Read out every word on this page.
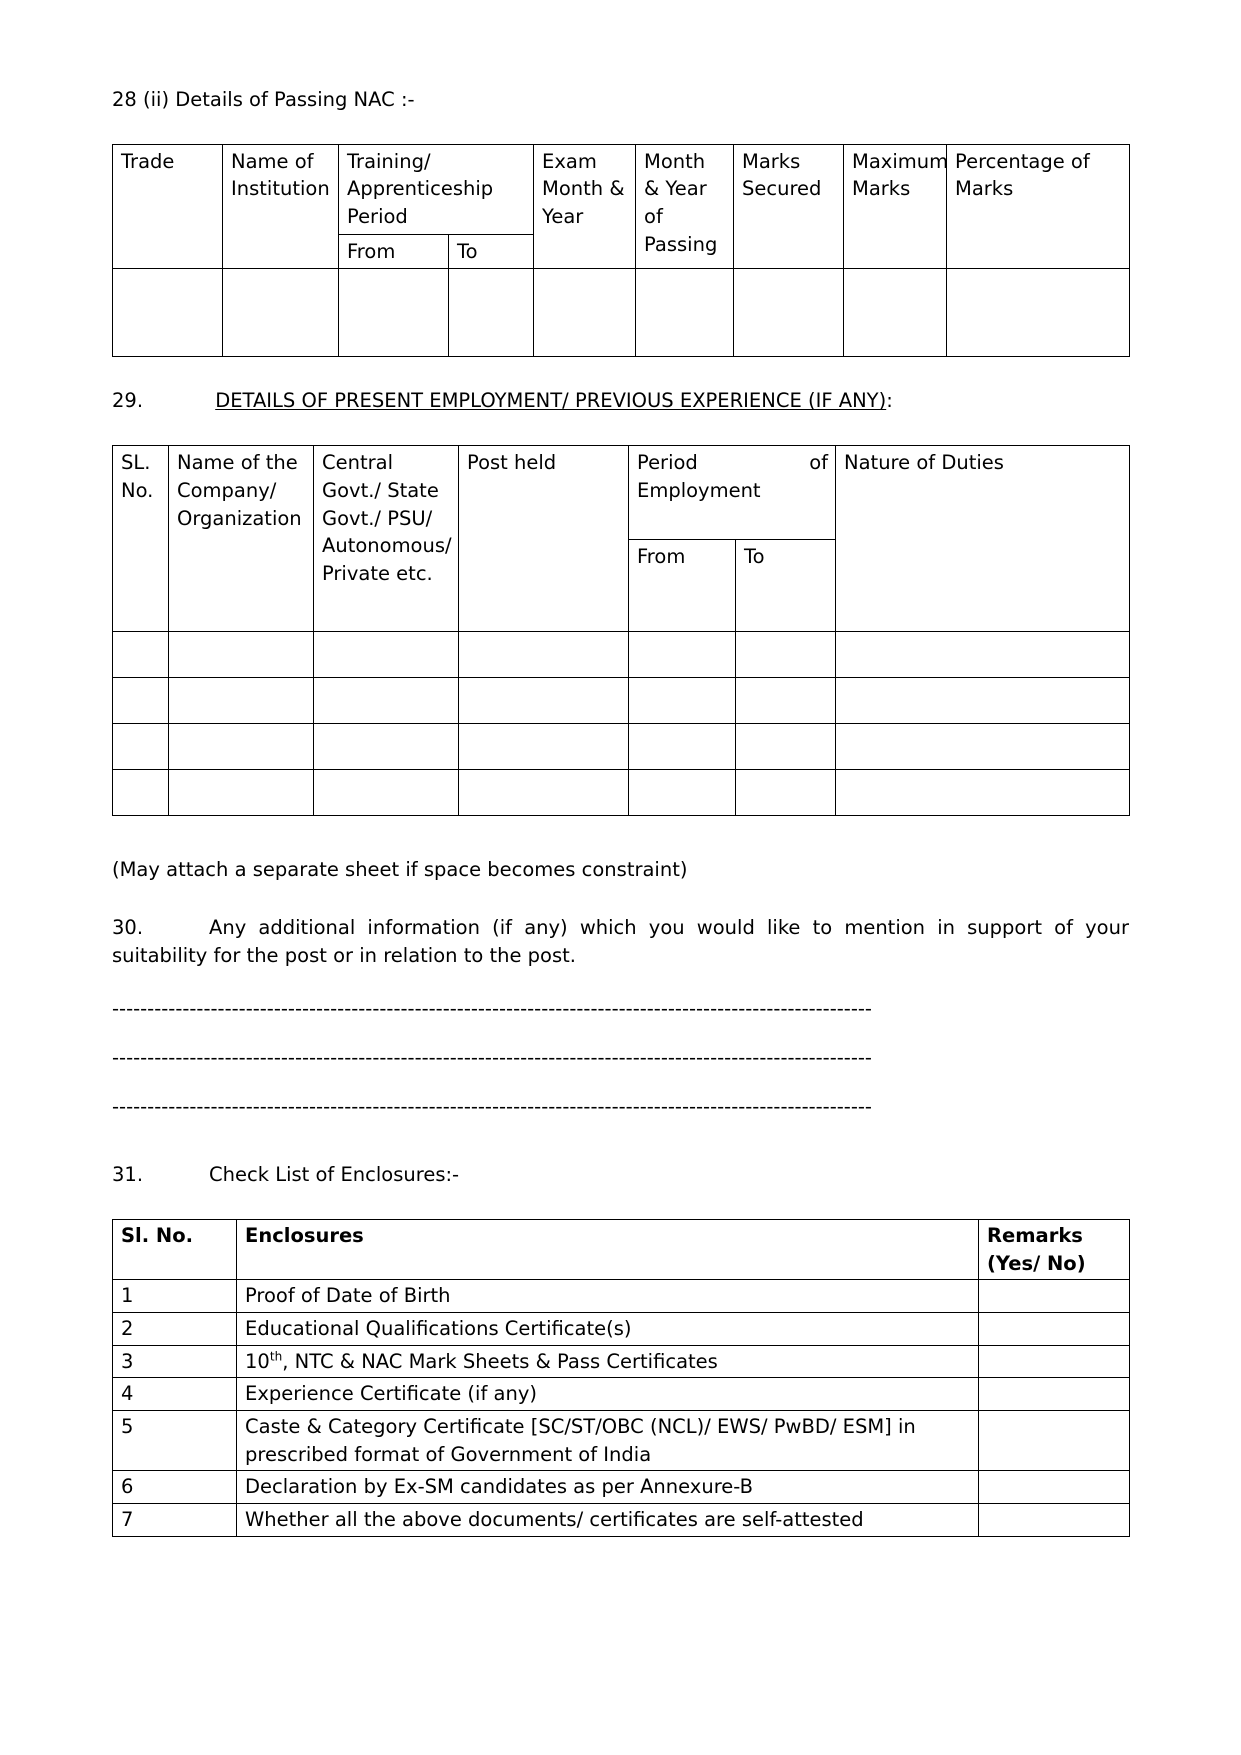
28 (ii) Details of Passing NAC :-

Trade	Name of Institution	Training/ Apprenticeship Period		Exam Month & Year	Month & Year of Passing	Marks Secured	Maximum Marks	Percentage of Marks
		From	To					

29.	DETAILS OF PRESENT EMPLOYMENT/ PREVIOUS EXPERIENCE (IF ANY):

SL. No.	Name of the Company/ Organization	Central Govt./ State Govt./ PSU/ Autonomous/ Private etc.	Post held	Period of Employment		Nature of Duties
				From	To	

(May attach a separate sheet if space becomes constraint)

30.	Any additional information (if any) which you would like to mention in support of your suitability for the post or in relation to the post.

------------------------------------------------------------------------------------------------------------

------------------------------------------------------------------------------------------------------------

------------------------------------------------------------------------------------------------------------

31.	Check List of Enclosures:-

Sl. No.	Enclosures	Remarks
(Yes/ No)

1	Proof of Date of Birth	
2	Educational Qualifications Certificate(s)	
3	10th, NTC & NAC Mark Sheets & Pass Certificates	
4	Experience Certificate (if any)	
5	Caste & Category Certificate [SC/ST/OBC (NCL)/ EWS/ PwBD/ ESM] in prescribed format of Government of India	
6	Declaration by Ex-SM candidates as per Annexure-B	
7	Whether all the above documents/ certificates are self-attested	
